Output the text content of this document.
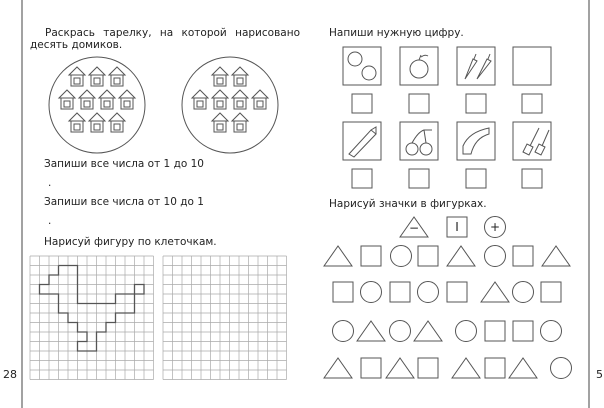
−	I	+
28	5
Раскрась тарелку, на которой нарисовано
десять домиков.
Запиши все числа от 1 до 10
.
Запиши все числа от 10 до 1
.
Нарисуй фигуру по клеточкам.
Напиши нужную цифру.
Нарисуй значки в фигурках.
